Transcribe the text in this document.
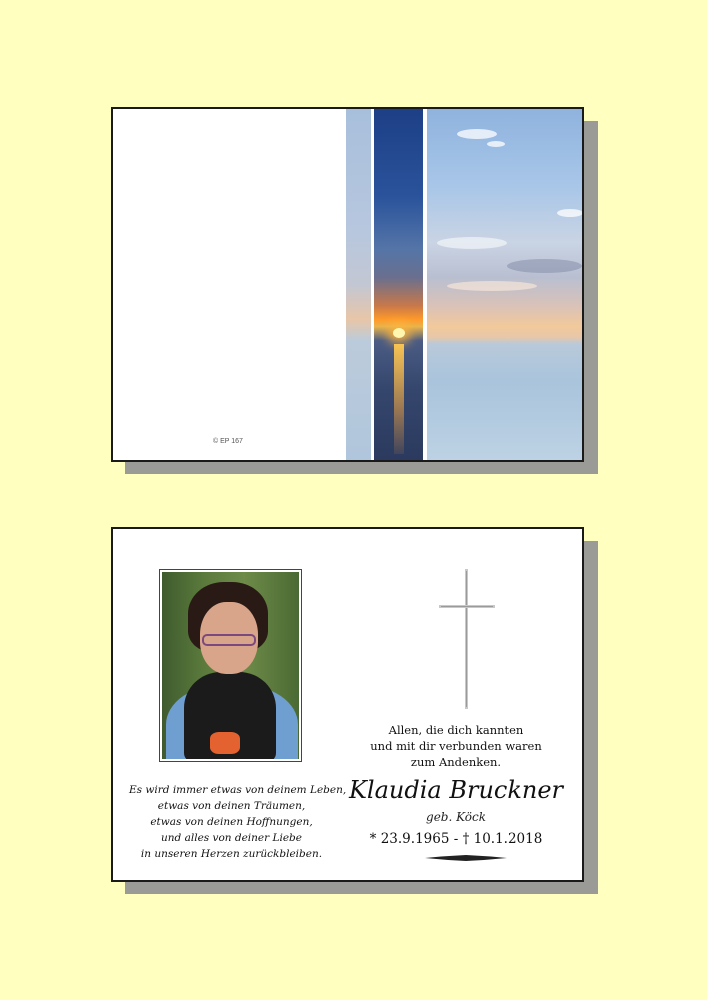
© EP 167
Es wird immer etwas von deinem Leben,
etwas von deinen Träumen,
etwas von deinen Hoffnungen,
und alles von deiner Liebe
in unseren Herzen zurückbleiben.
Allen, die dich kannten
und mit dir verbunden waren
zum Andenken.
Klaudia Bruckner
geb. Köck
* 23.9.1965 - † 10.1.2018
